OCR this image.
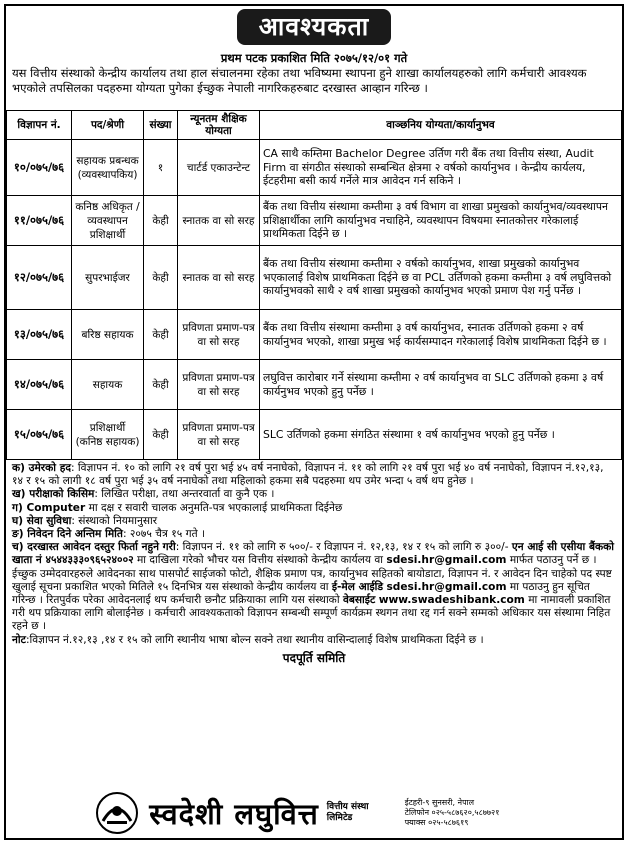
आवश्यकता
प्रथम पटक प्रकाशित मिति २०७५/१२/०१ गते
यस वित्तीय संस्थाको केन्द्रीय कार्यालय तथा हाल संचालनमा रहेका तथा भविष्यमा स्थापना हुने शाखा कार्यालयहरुको लागि कर्मचारी आवश्यक भएकोले तपसिलका पदहरुमा योग्यता पुगेका ईच्छुक नेपाली नागरिकहरुबाट दरखास्त आव्हान गरिन्छ ।
विज्ञापन नं.	पद/श्रेणी	संख्या	न्यूनतम शैक्षिक योग्यता	वाञ्छनिय योग्यता/कार्यानुभव
१०/०७५/७६	सहायक प्रबन्धक (व्यवस्थापकिय)	१	चार्टर्ड एकाउन्टेन्ट	CA साथै कम्तिमा Bachelor Degree उर्तिण गरी बैंक तथा वित्तीय संस्था, Audit Firm वा संगठीत संस्थाको सम्बन्धित क्षेत्रमा २ वर्षको कार्यानुभव । केन्द्रीय कार्यलय, ईटहरीमा बसी कार्य गर्नेले मात्र आवेदन गर्न सकिने ।
११/०७५/७६	कनिष्ठ अधिकृत /व्यवस्थापन प्रशिक्षार्थी	केही	स्नातक वा सो सरह	बैंक तथा वित्तीय संस्थामा कम्तीमा ३ वर्ष विभाग वा शाखा प्रमुखको कार्यानुभव/व्यवस्थापन प्रशिक्षार्थीका लागि कार्यानुभव नचाहिने, व्यवस्थापन विषयमा स्नातकोत्तर गरेकालाई प्राथमिकता दिईने छ ।
१२/०७५/७६	सुपरभाईजर	केही	स्नातक वा सो सरह	बैंक तथा वित्तीय संस्थामा कम्तीमा २ वर्षको कार्यानुभव, शाखा प्रमुखको कार्यानुभव भएकालाई विशेष प्राथमिकता दिईने छ वा PCL उर्तिणको हकमा कम्तीमा ३ वर्ष लघुवित्तको कार्यानुभवको साथै २ वर्ष शाखा प्रमुखको कार्यानुभव भएको प्रमाण पेश गर्नु पर्नेछ ।
१३/०७५/७६	बरिष्ठ सहायक	केही	प्रविणता प्रमाण-पत्र वा सो सरह	बैंक तथा वित्तीय संस्थामा कम्तीमा ३ वर्ष कार्यानुभव, स्नातक उर्तिणको हकमा २ वर्ष कार्यानुभव भएको, शाखा प्रमुख भई कार्यसम्पादन गरेकालाई विशेष प्राथमिकता दिईने छ ।
१४/०७५/७६	सहायक	केही	प्रविणता प्रमाण-पत्र वा सो सरह	लघुवित्त कारोबार गर्ने संस्थामा कम्तीमा २ वर्ष कार्यानुभव वा SLC उर्तिणको हकमा ३ वर्ष कार्यनुभव भएको हुनु पर्नेछ ।
१५/०७५/७६	प्रशिक्षार्थी (कनिष्ठ सहायक)	केही	प्रविणता प्रमाण-पत्र वा सो सरह	SLC उर्तिणको हकमा संगठित संस्थामा १ वर्ष कार्यानुभव भएको हुनु पर्नेछ ।

क) उमेरको हद: विज्ञापन नं. १० को लागि २१ वर्ष पुरा भई ४५ वर्ष ननाघेको, विज्ञापन नं. ११ को लागि २१ वर्ष पुरा भई ४० वर्ष ननाघेको, विज्ञापन नं.१२,१३, १४ र १५ को लागी १८ वर्ष पुरा भई ३५ वर्ष ननाघेको तथा महिलाको हकमा सबै पदहरुमा थप उमेर भन्दा ५ वर्ष थप हुनेछ ।

ख) परीक्षाको किसिम: लिखित परीक्षा, तथा अन्तरवार्ता वा कुनै एक ।

ग) Computer मा दक्ष र सवारी चालक अनुमति-पत्र भएकालाई प्राथमिकता दिईनेछ

घ) सेवा सुविधा: संस्थाको नियमानुसार

ङ) निवेदन दिने अन्तिम मिति: २०७५ चैत्र १५ गते ।

च) दरखास्त आवेदन दस्तुर फिर्ता नहुने गरी: विज्ञापन नं. ११ को लागि रु ५००/- र विज्ञापन नं. १२,१३, १४ र १५ को लागि रु ३००/- एन आई सी एसीया बैंकको खाता नं ४५४४३३३०९६५२४००२ मा दाखिला गरेको भौचर यस वित्तीय संस्थाको केन्द्रीय कार्यलय वा sdesi.hr@gmail.com मार्फत पठाउनु पर्ने छ ।

ईच्छुक उम्मेदवारहरुले आवेदनका साथ पासपोर्ट साईजको फोटो, शैक्षिक प्रमाण पत्र, कार्यानुभव सहितको बायोडाटा, विज्ञापन नं. र आवेदन दिन चाहेको पद स्पष्ट खुलाई सूचना प्रकाशित भएको मितिले १५ दिनभित्र यस संस्थाको केन्द्रीय कार्यलय वा ई-मेल आईडि sdesi.hr@gmail.com मा पठाउनु हुन सूचित गरिन्छ । रितपुर्वक परेका आवेदनलाई थप कर्मचारी छनौट प्रक्रियाका लागि यस संस्थाको वेबसाईट www.swadeshibank.com मा नामावली प्रकाशित गरी थप प्रक्रियाका लागि बोलाईनेछ । कर्मचारी आवश्यकताको विज्ञापन सम्बन्धी सम्पूर्ण कार्यक्रम स्थगन तथा रद्द गर्न सक्ने सम्मको अधिकार यस संस्थामा निहित रहने छ ।

नोट:विज्ञापन नं.१२,१३ ,१४ र १५ को लागि स्थानीय भाषा बोल्न सक्ने तथा स्थानीय वासिन्दालाई विशेष प्राथमिकता दिईने छ ।

पदपूर्ति समिति
स्वदेशी लघुवित्त वित्तीय संस्था
लिमिटेड
ईटहरी-९ सुनसरी, नेपाल
टेलिफोन ०२५-५८७६२०,५८७७२१
फ्याक्स ०२५-५८७६१९
